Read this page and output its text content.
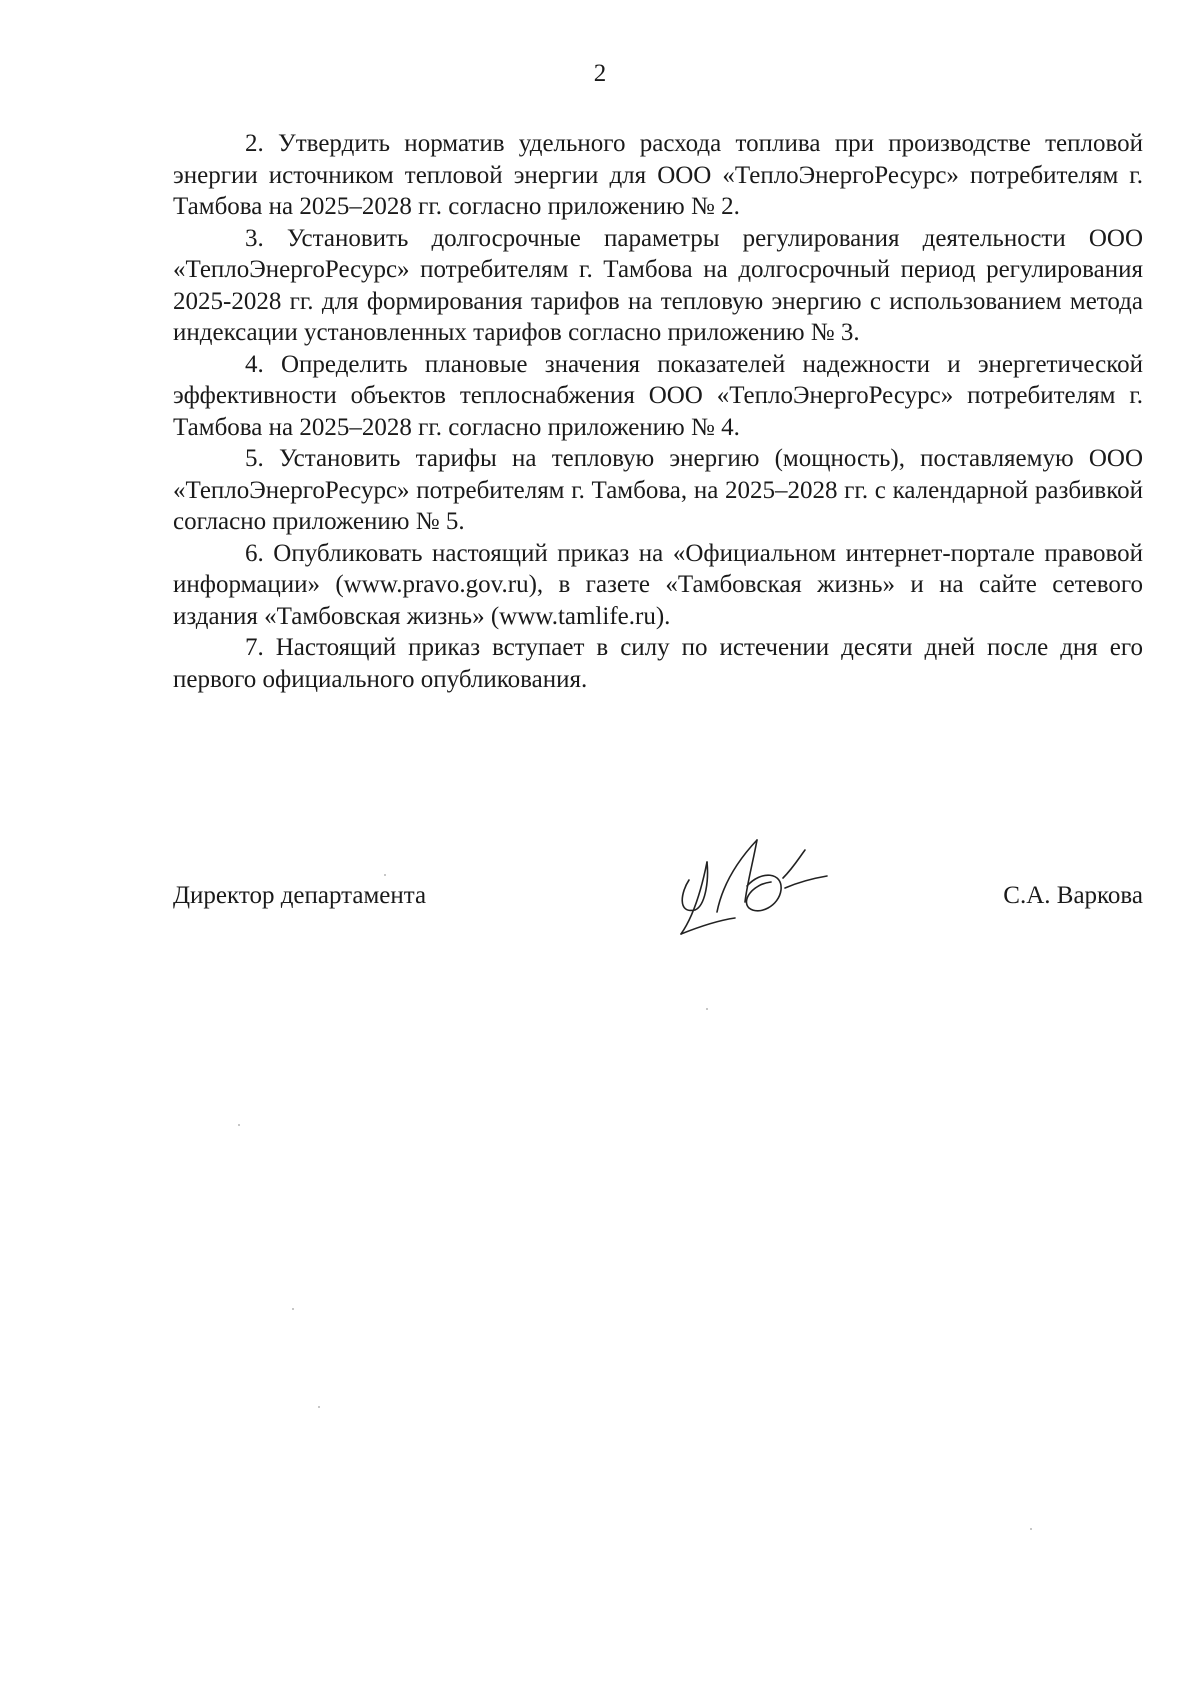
2

2. Утвердить норматив удельного расхода топлива при производстве тепловой энергии источником тепловой энергии для ООО «ТеплоЭнергоРесурс» потребителям г. Тамбова на 2025–2028 гг. согласно приложению № 2.

3. Установить долгосрочные параметры регулирования деятельности ООО «ТеплоЭнергоРесурс» потребителям г. Тамбова на долгосрочный период регулирования 2025-2028 гг. для формирования тарифов на тепловую энергию с использованием метода индексации установленных тарифов согласно приложению № 3.

4. Определить плановые значения показателей надежности и энергетической эффективности объектов теплоснабжения ООО «ТеплоЭнергоРесурс» потребителям г. Тамбова на 2025–2028 гг. согласно приложению № 4.

5. Установить тарифы на тепловую энергию (мощность), поставляемую ООО «ТеплоЭнергоРесурс» потребителям г. Тамбова, на 2025–2028 гг. с календарной разбивкой согласно приложению № 5.

6. Опубликовать настоящий приказ на «Официальном интернет-портале правовой информации» (www.pravo.gov.ru), в газете «Тамбовская жизнь» и на сайте сетевого издания «Тамбовская жизнь» (www.tamlife.ru).

7. Настоящий приказ вступает в силу по истечении десяти дней после дня его первого официального опубликования.

Директор департамента	С.А. Варкова
